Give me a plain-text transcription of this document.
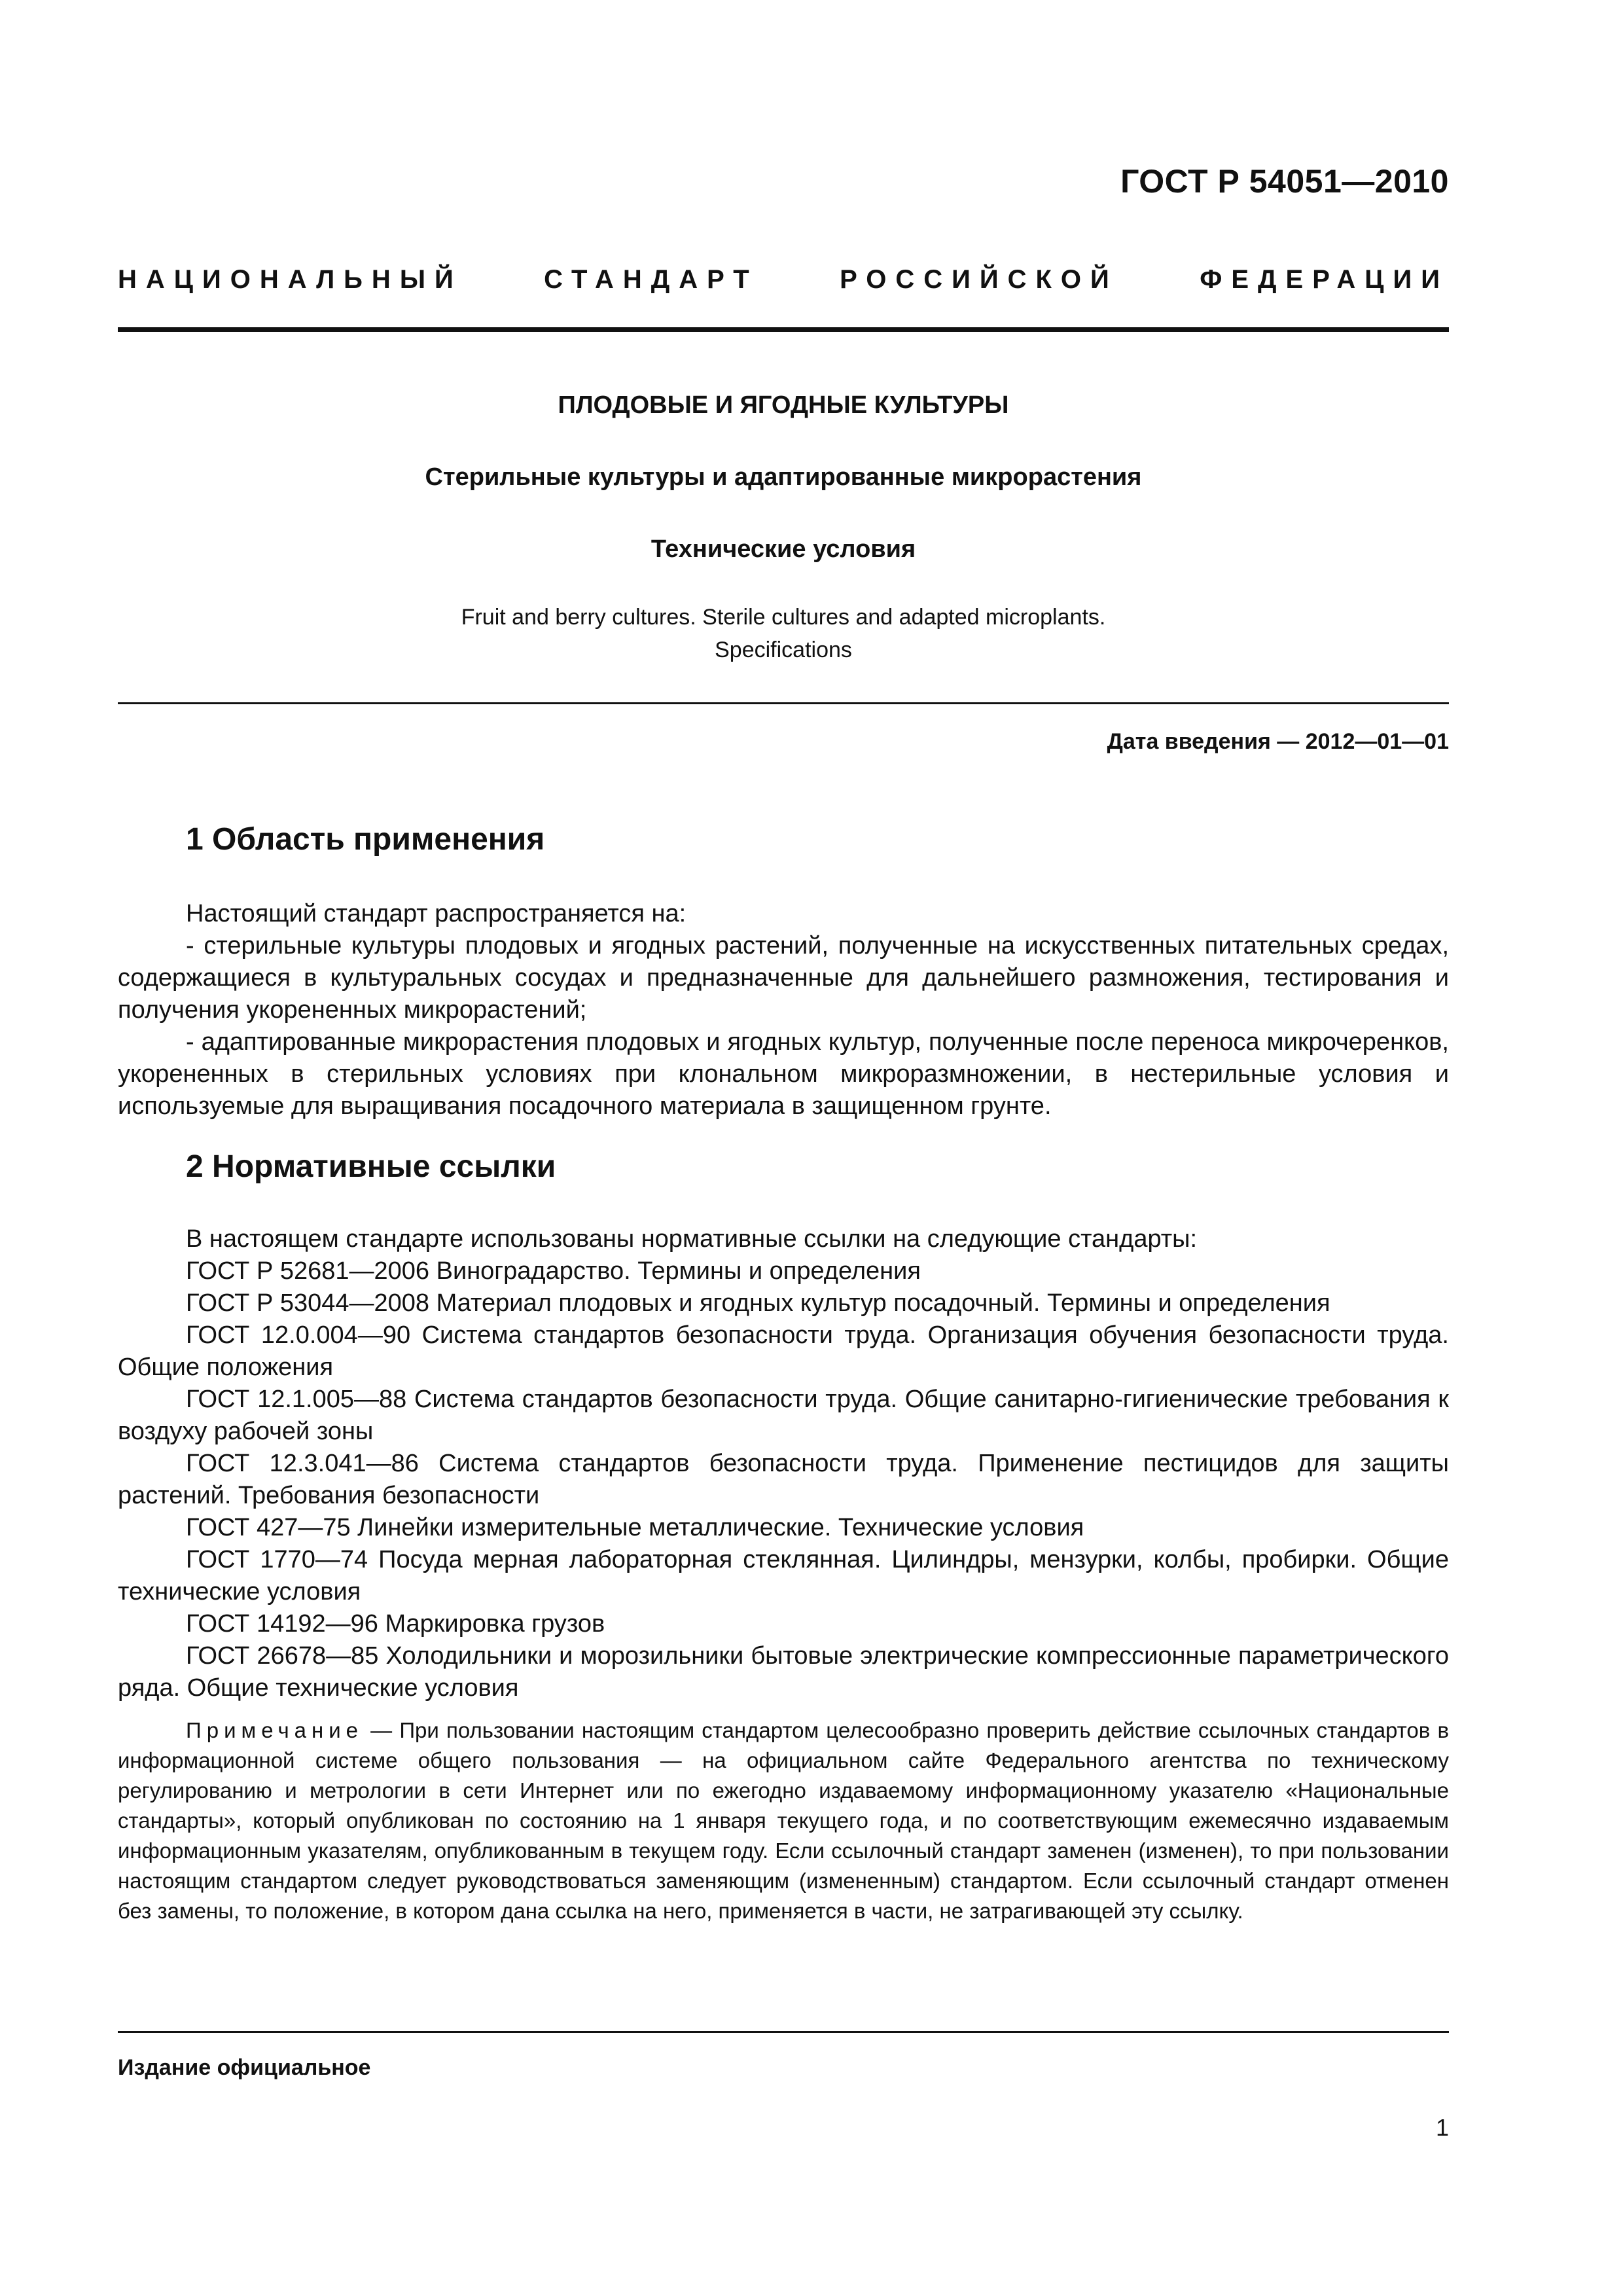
ГОСТ Р 54051—2010
НАЦИОНАЛЬНЫЙ	СТАНДАРТ	РОССИЙСКОЙ	ФЕДЕРАЦИИ
ПЛОДОВЫЕ И ЯГОДНЫЕ КУЛЬТУРЫ
Стерильные культуры и адаптированные микрорастения
Технические условия
Fruit and berry cultures. Sterile cultures and adapted microplants.
Specifications
Дата введения — 2012—01—01
1 Область применения

Настоящий стандарт распространяется на:

- стерильные культуры плодовых и ягодных растений, полученные на искусственных питательных средах, содержащиеся в культуральных сосудах и предназначенные для дальнейшего размножения, тестирования и получения укорененных микрорастений;

- адаптированные микрорастения плодовых и ягодных культур, полученные после переноса микрочеренков, укорененных в стерильных условиях при клональном микроразмножении, в нестерильные условия и используемые для выращивания посадочного материала в защищенном грунте.

2 Нормативные ссылки

В настоящем стандарте использованы нормативные ссылки на следующие стандарты:

ГОСТ Р 52681—2006 Виноградарство. Термины и определения

ГОСТ Р 53044—2008 Материал плодовых и ягодных культур посадочный. Термины и определения

ГОСТ 12.0.004—90 Система стандартов безопасности труда. Организация обучения безопасности труда. Общие положения

ГОСТ 12.1.005—88 Система стандартов безопасности труда. Общие санитарно-гигиенические требования к воздуху рабочей зоны

ГОСТ 12.3.041—86 Система стандартов безопасности труда. Применение пестицидов для защиты растений. Требования безопасности

ГОСТ 427—75 Линейки измерительные металлические. Технические условия

ГОСТ 1770—74 Посуда мерная лабораторная стеклянная. Цилиндры, мензурки, колбы, пробирки. Общие технические условия

ГОСТ 14192—96 Маркировка грузов

ГОСТ 26678—85 Холодильники и морозильники бытовые электрические компрессионные параметрического ряда. Общие технические условия

Примечание — При пользовании настоящим стандартом целесообразно проверить действие ссылочных стандартов в информационной системе общего пользования — на официальном сайте Федерального агентства по техническому регулированию и метрологии в сети Интернет или по ежегодно издаваемому информационному указателю «Национальные стандарты», который опубликован по состоянию на 1 января текущего года, и по соответствующим ежемесячно издаваемым информационным указателям, опубликованным в текущем году. Если ссылочный стандарт заменен (изменен), то при пользовании настоящим стандартом следует руководствоваться заменяющим (измененным) стандартом. Если ссылочный стандарт отменен без замены, то положение, в котором дана ссылка на него, применяется в части, не затрагивающей эту ссылку.

Издание официальное
1
